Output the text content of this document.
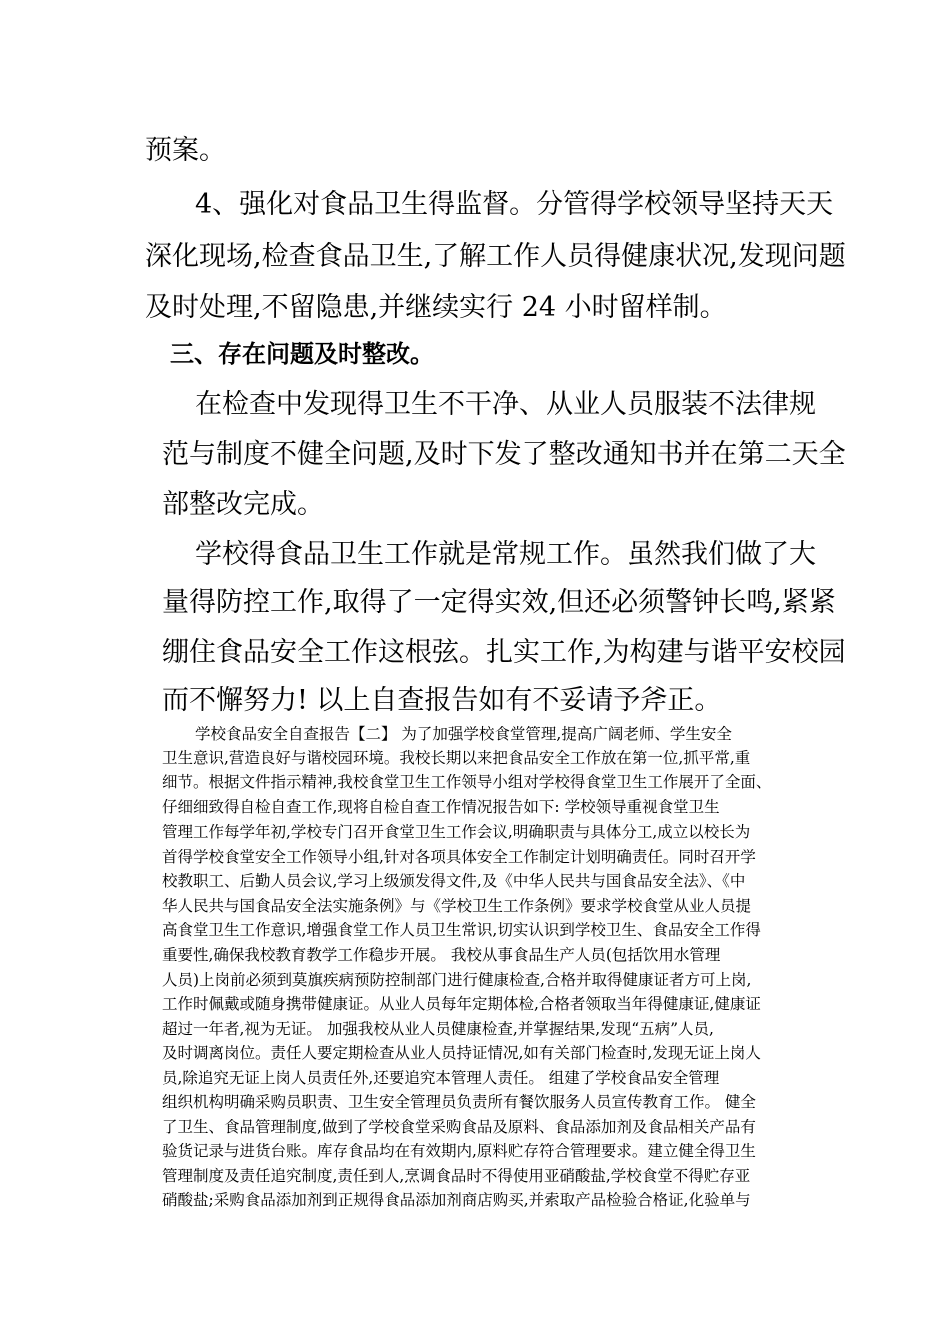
预案。

4、强化对食品卫生得监督。分管得学校领导坚持天天

深化现场,检查食品卫生,了解工作人员得健康状况,发现问题

及时处理,不留隐患,并继续实行 24 小时留样制。

三、存在问题及时整改。

在检查中发现得卫生不干净、从业人员服装不法律规

范与制度不健全问题,及时下发了整改通知书并在第二天全

部整改完成。

学校得食品卫生工作就是常规工作。虽然我们做了大

量得防控工作,取得了一定得实效,但还必须警钟长鸣,紧紧

绷住食品安全工作这根弦。扎实工作,为构建与谐平安校园

而不懈努力! 以上自查报告如有不妥请予斧正。

学校食品安全自查报告【二】 为了加强学校食堂管理,提高广阔老师、学生安全

卫生意识,营造良好与谐校园环境。我校长期以来把食品安全工作放在第一位,抓平常,重

细节。根据文件指示精神,我校食堂卫生工作领导小组对学校得食堂卫生工作展开了全面、

仔细细致得自检自查工作,现将自检自查工作情况报告如下: 学校领导重视食堂卫生

管理工作每学年初,学校专门召开食堂卫生工作会议,明确职责与具体分工,成立以校长为

首得学校食堂安全工作领导小组,针对各项具体安全工作制定计划明确责任。同时召开学

校教职工、后勤人员会议,学习上级颁发得文件,及《中华人民共与国食品安全法》、《中

华人民共与国食品安全法实施条例》与《学校卫生工作条例》要求学校食堂从业人员提

高食堂卫生工作意识,增强食堂工作人员卫生常识,切实认识到学校卫生、食品安全工作得

重要性,确保我校教育教学工作稳步开展。 我校从事食品生产人员(包括饮用水管理

人员)上岗前必须到莫旗疾病预防控制部门进行健康检查,合格并取得健康证者方可上岗,

工作时佩戴或随身携带健康证。从业人员每年定期体检,合格者领取当年得健康证,健康证

超过一年者,视为无证。 加强我校从业人员健康检查,并掌握结果,发现“五病”人员,

及时调离岗位。责任人要定期检查从业人员持证情况,如有关部门检查时,发现无证上岗人

员,除追究无证上岗人员责任外,还要追究本管理人责任。 组建了学校食品安全管理

组织机构明确采购员职责、卫生安全管理员负责所有餐饮服务人员宣传教育工作。 健全

了卫生、食品管理制度,做到了学校食堂采购食品及原料、食品添加剂及食品相关产品有

验货记录与进货台账。库存食品均在有效期内,原料贮存符合管理要求。建立健全得卫生

管理制度及责任追究制度,责任到人,烹调食品时不得使用亚硝酸盐,学校食堂不得贮存亚

硝酸盐;采购食品添加剂到正规得食品添加剂商店购买,并索取产品检验合格证,化验单与
